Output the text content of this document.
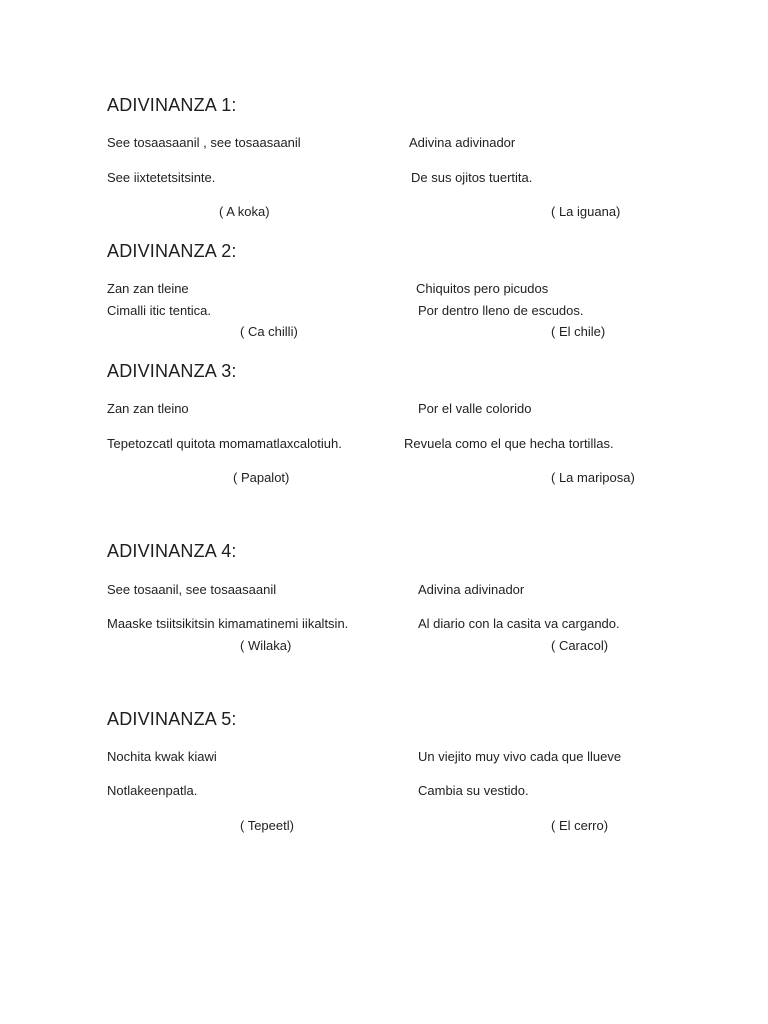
ADIVINANZA 1:
See tosaasaanil , see tosaasaanil	Adivina adivinador
See iixtetetsitsinte.	De sus ojitos tuertita.
( A koka)	( La iguana)
ADIVINANZA 2:
Zan zan tleine	Chiquitos pero picudos
Cimalli itic tentica.	Por dentro lleno de escudos.
( Ca chilli)	( El chile)
ADIVINANZA 3:
Zan zan tleino	Por el valle colorido
Tepetozcatl quitota momamatlaxcalotiuh.	Revuela como el que hecha tortillas.
( Papalot)	( La mariposa)
ADIVINANZA 4:
See tosaanil, see tosaasaanil	Adivina adivinador
Maaske tsiitsikitsin kimamatinemi iikaltsin.	Al diario con la casita va cargando.
( Wilaka)	( Caracol)
ADIVINANZA 5:
Nochita kwak kiawi	Un viejito muy vivo cada que llueve
Notlakeenpatla.	Cambia su vestido.
( Tepeetl)	( El cerro)
